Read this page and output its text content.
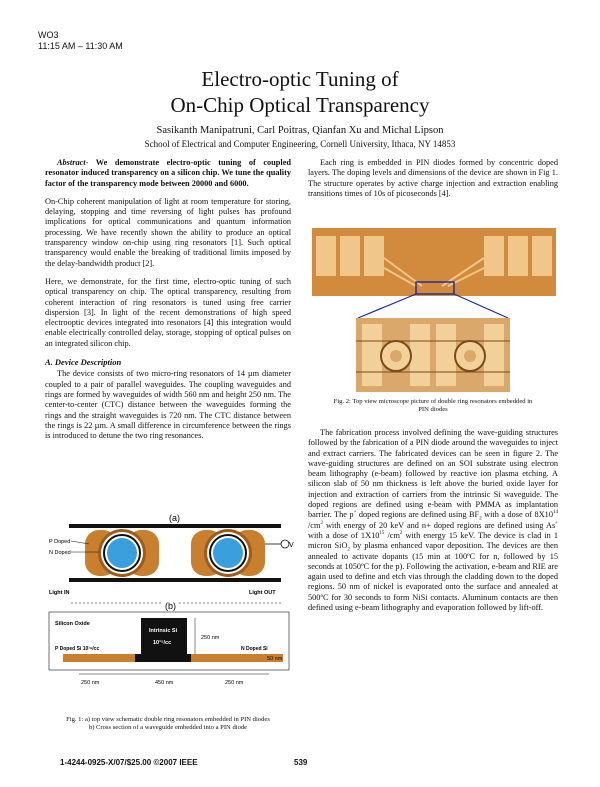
WO3
11:15 AM – 11:30 AM
Electro-optic Tuning of
On-Chip Optical Transparency
Sasikanth Manipatruni, Carl Poitras, Qianfan Xu and Michal Lipson
School of Electrical and Computer Engineering, Cornell University, Ithaca, NY 14853

Abstract- We demonstrate electro-optic tuning of coupled resonator induced transparency on a silicon chip. We tune the quality factor of the transparency mode between 20000 and 6000.

On-Chip coherent manipulation of light at room temperature for storing, delaying, stopping and time reversing of light pulses has profound implications for optical communications and quantum information processing. We have recently shown the ability to produce an optical transparency window on-chip using ring resonators [1]. Such optical transparency would enable the breaking of traditional limits imposed by the delay-bandwidth product [2].

Here, we demonstrate, for the first time, electro-optic tuning of such optical transparency on chip. The optical transparency, resulting from coherent interaction of ring resonators is tuned using free carrier dispersion [3]. In light of the recent demonstrations of high speed electrooptic devices integrated into resonators [4] this integration would enable electrically controlled delay, storage, stopping of optical pulses on an integrated silicon chip.

A. Device Description

The device consists of two micro-ring resonators of 14 µm diameter coupled to a pair of parallel waveguides. The coupling waveguides and rings are formed by waveguides of width 560 nm and height 250 nm. The center-to-center (CTC) distance between the waveguides forming the rings and the straight waveguides is 720 nm. The CTC distance between the rings is 22 µm. A small difference in circumference between the rings is introduced to detune the two ring resonances.

(a)
V
P Doped
N Doped
Light IN	Light OUT
(b)
Silicon Oxide
Intrinsic Si
10¹⁵/cc
P Doped Si 10¹⁹/cc	N Doped Si
250 nm
50 nm
250 nm	450 nm	250 nm
Fig. 1: a) top view schematic double ring resonators embedded in PIN diodes
b) Cross section of a waveguide embedded into a PIN diode

Each ring is embedded in PIN diodes formed by concentric doped layers. The doping levels and dimensions of the device are shown in Fig 1. The structure operates by active charge injection and extraction enabling transitions times of 10s of picoseconds [4].

Fig. 2: Top view microscope picture of double ring resonators embedded in
PIN diodes

The fabrication process involved defining the wave-guiding structures followed by the fabrication of a PIN diode around the waveguides to inject and extract carriers. The fabricated devices can be seen in figure 2. The wave-guiding structures are defined on an SOI substrate using electron beam lithography (e-beam) followed by reactive ion plasma etching. A silicon slab of 50 nm thickness is left above the buried oxide layer for injection and extraction of carriers from the intrinsic Si waveguide. The doped regions are defined using e-beam with PMMA as implantation barrier. The p+ doped regions are defined using $BF_2$ with a dose of $8X10^{14}$ $/cm^2$ with energy of 20 keV and n+ doped regions are defined using As+ with a dose of $1X10^{15}$ $/cm^2$ with energy 15 keV. The device is clad in 1 micron SiO$_2$ by plasma enhanced vapor deposition. The devices are then annealed to activate dopants (15 min at 100ºC for n, followed by 15 seconds at 1050ºC for the p). Following the activation, e-beam and RIE are again used to define and etch vias through the cladding down to the doped regions. 50 nm of nickel is evaporated onto the surface and annealed at 500ºC for 30 seconds to form NiSi contacts. Aluminum contacts are then defined using e-beam lithography and evaporation followed by lift-off.

1-4244-0925-X/07/$25.00 ©2007 IEEE	539
